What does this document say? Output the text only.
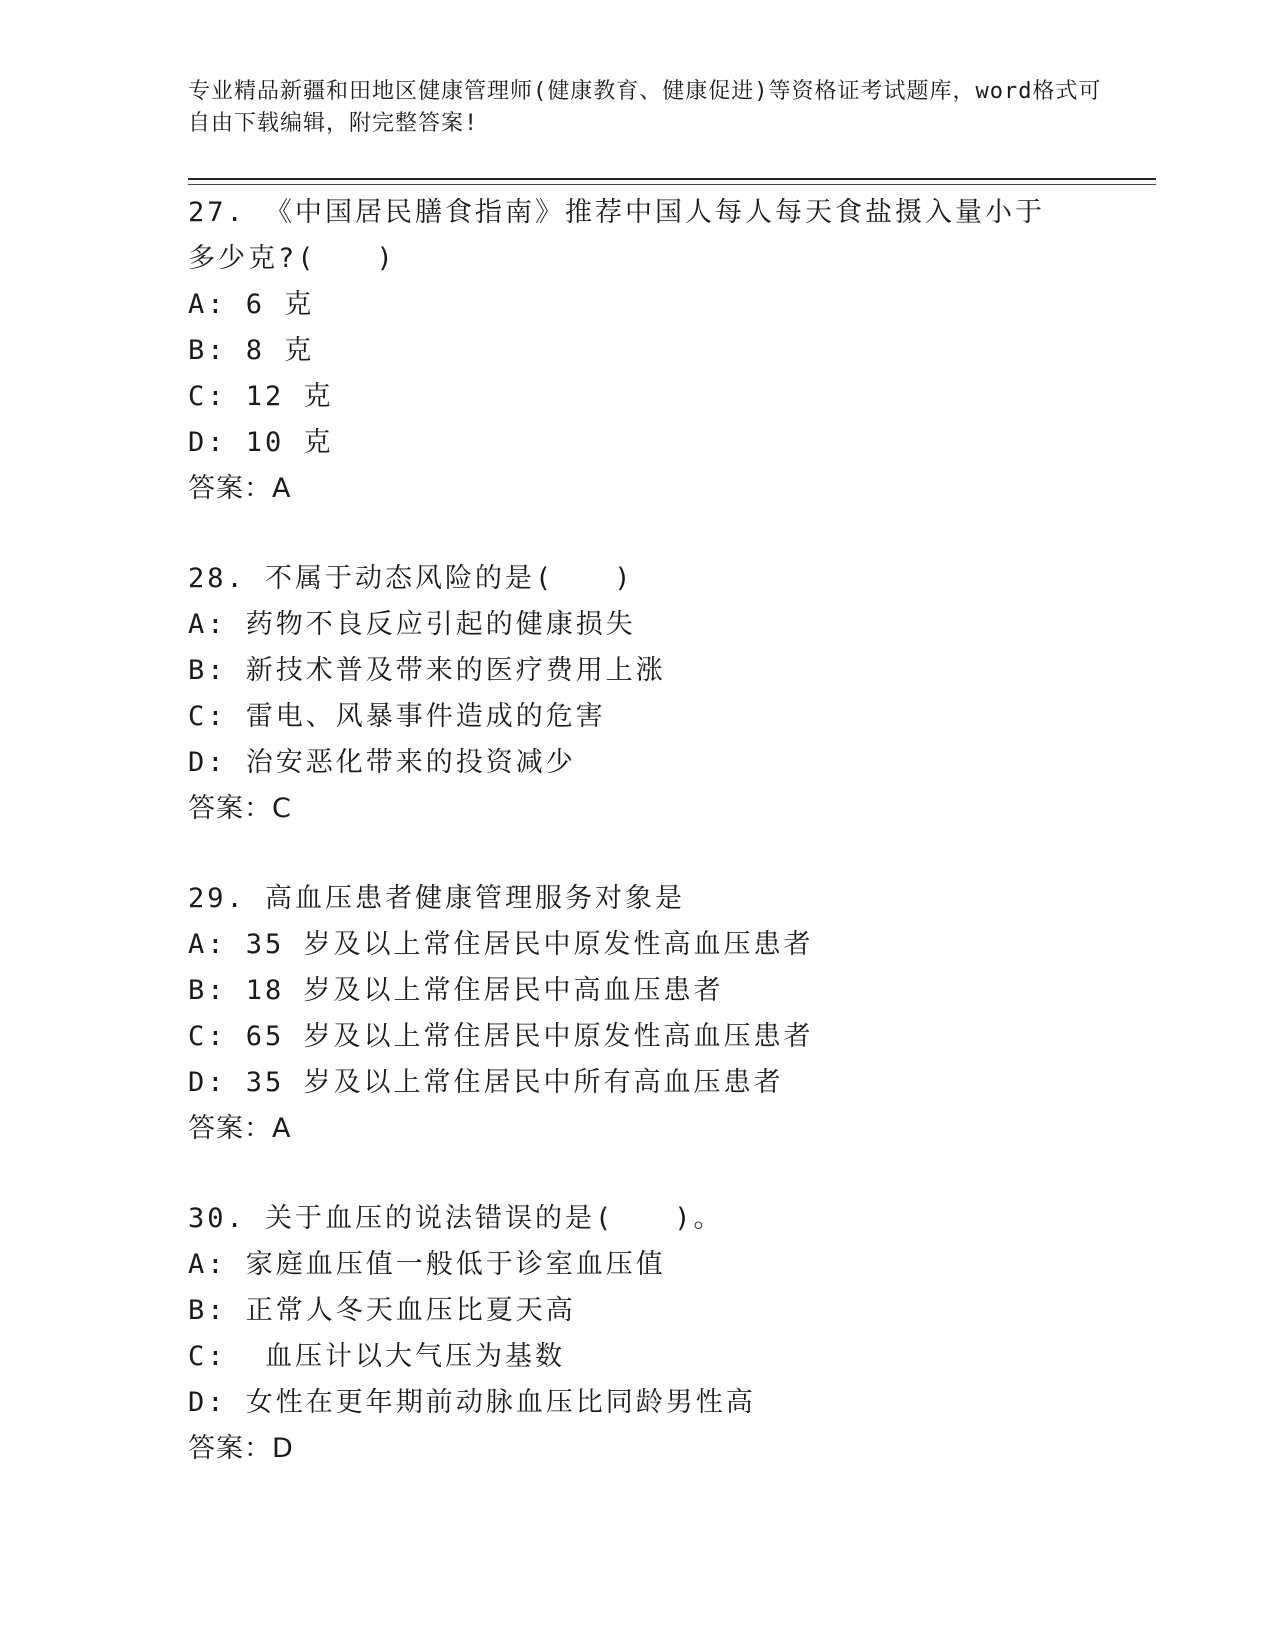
专业精品新疆和田地区健康管理师(健康教育、健康促进)等资格证考试题库，word格式可自由下载编辑，附完整答案!
27. 《中国居民膳食指南》推荐中国人每人每天食盐摄入量小于多少克?(　　)
A: 6 克
B: 8 克
C: 12 克
D: 10 克
答案：A
28. 不属于动态风险的是(　　)
A: 药物不良反应引起的健康损失
B: 新技术普及带来的医疗费用上涨
C: 雷电、风暴事件造成的危害
D: 治安恶化带来的投资减少
答案：C
29. 高血压患者健康管理服务对象是
A: 35 岁及以上常住居民中原发性高血压患者
B: 18 岁及以上常住居民中高血压患者
C: 65 岁及以上常住居民中原发性高血压患者
D: 35 岁及以上常住居民中所有高血压患者
答案：A
30. 关于血压的说法错误的是(　　)。
A: 家庭血压值一般低于诊室血压值
B: 正常人冬天血压比夏天高
C:  血压计以大气压为基数
D: 女性在更年期前动脉血压比同龄男性高
答案：D
